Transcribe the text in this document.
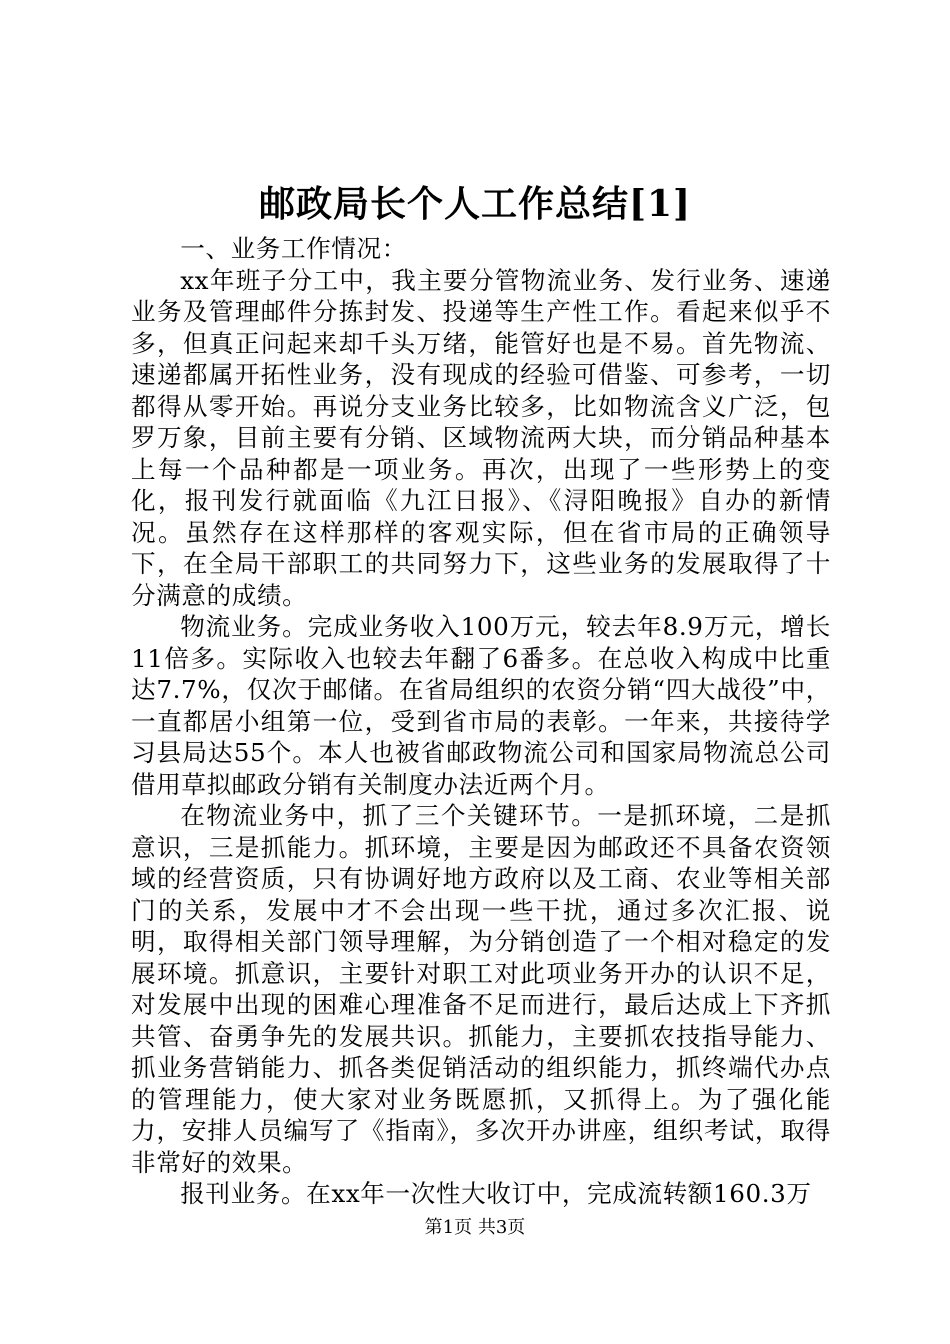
邮政局长个人工作总结[1]

一、业务工作情况：

xx年班子分工中，我主要分管物流业务、发行业务、速递业务及管理邮件分拣封发、投递等生产性工作。看起来似乎不多，但真正问起来却千头万绪，能管好也是不易。首先物流、速递都属开拓性业务，没有现成的经验可借鉴、可参考，一切都得从零开始。再说分支业务比较多，比如物流含义广泛，包罗万象，目前主要有分销、区域物流两大块，而分销品种基本上每一个品种都是一项业务。再次，出现了一些形势上的变化，报刊发行就面临《九江日报》、《浔阳晚报》自办的新情况。虽然存在这样那样的客观实际，但在省市局的正确领导下，在全局干部职工的共同努力下，这些业务的发展取得了十分满意的成绩。

物流业务。完成业务收入100万元，较去年8.9万元，增长11倍多。实际收入也较去年翻了6番多。在总收入构成中比重达7.7%，仅次于邮储。在省局组织的农资分销“四大战役”中，一直都居小组第一位，受到省市局的表彰。一年来，共接待学习县局达55个。本人也被省邮政物流公司和国家局物流总公司借用草拟邮政分销有关制度办法近两个月。

在物流业务中，抓了三个关键环节。一是抓环境，二是抓意识，三是抓能力。抓环境，主要是因为邮政还不具备农资领域的经营资质，只有协调好地方政府以及工商、农业等相关部门的关系，发展中才不会出现一些干扰，通过多次汇报、说明，取得相关部门领导理解，为分销创造了一个相对稳定的发展环境。抓意识，主要针对职工对此项业务开办的认识不足，对发展中出现的困难心理准备不足而进行，最后达成上下齐抓共管、奋勇争先的发展共识。抓能力，主要抓农技指导能力、抓业务营销能力、抓各类促销活动的组织能力，抓终端代办点的管理能力，使大家对业务既愿抓，又抓得上。为了强化能力，安排人员编写了《指南》，多次开办讲座，组织考试，取得非常好的效果。

报刊业务。在xx年一次性大收订中，完成流转额160.3万

第1页 共3页
